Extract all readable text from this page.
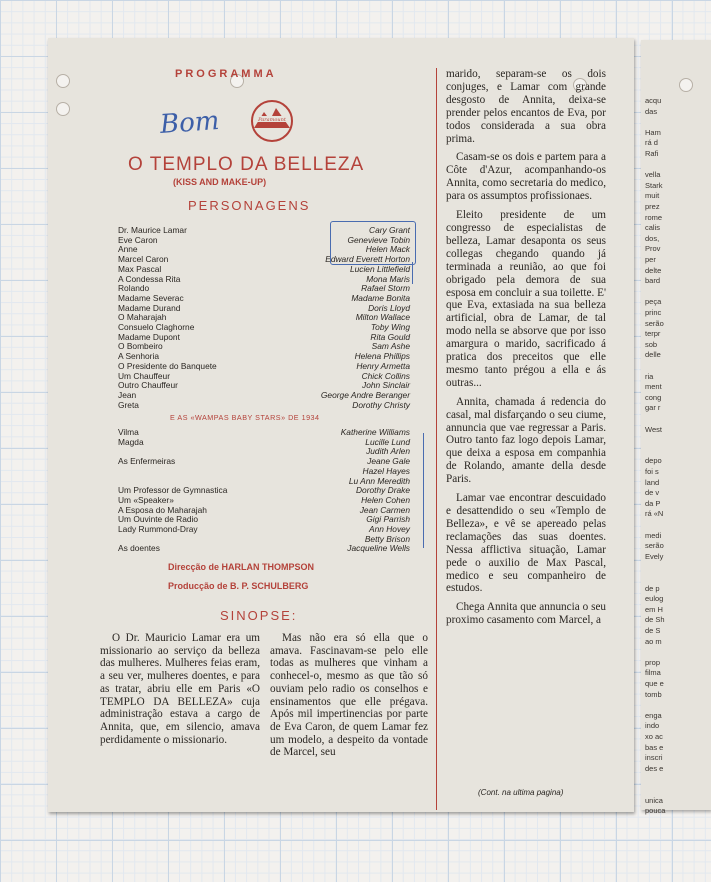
PROGRAMMA
Bom	Paramount
O TEMPLO DA BELLEZA
(KISS AND MAKE-UP)
PERSONAGENS
Dr. Maurice Lamar	Cary Grant
Eve Caron	Genevieve Tobin
Anne	Helen Mack
Marcel Caron	Edward Everett Horton
Max Pascal	Lucien Littlefield
A Condessa Rita	Mona Maris
Rolando	Rafael Storm
Madame Severac	Madame Bonita
Madame Durand	Doris Lloyd
O Maharajah	Milton Wallace
Consuelo Claghorne	Toby Wing
Madame Dupont	Rita Gould
O Bombeiro	Sam Ashe
A Senhoria	Helena Phillips
O Presidente do Banquete	Henry Armetta
Um Chauffeur	Chick Collins
Outro Chauffeur	John Sinclair
Jean	George Andre Beranger
Greta	Dorothy Christy
E AS «WAMPAS BABY STARS» DE 1934
Vilma	Katherine Williams
Magda	Lucille Lund
Judith Arlen
As Enfermeiras	Jeane Gale
Hazel Hayes
Lu Ann Meredith
Um Professor de Gymnastica	Dorothy Drake
Um «Speaker»	Helen Cohen
A Esposa do Maharajah	Jean Carmen
Um Ouvinte de Radio	Gigi Parrish
Lady Rummond-Dray	Ann Hovey
Betty Brison
As doentes	Jacqueline Wells
Direcção de HARLAN THOMPSON
Producção de B. P. SCHULBERG
SINOPSE:

O Dr. Mauricio Lamar era um missionario ao serviço da belleza das mulheres. Mulheres feias eram, a seu ver, mulheres doentes, e para as tratar, abriu elle em Paris «O TEMPLO DA BELLEZA» cuja administração estava a cargo de Annita, que, em silencio, amava perdidamente o missionario.

Mas não era só ella que o amava. Fascinavam-se pelo elle todas as mulheres que vinham a conhecel-o, mesmo as que tão só ouviam pelo radio os conselhos e ensinamentos que elle prégava. Após mil impertinencias por parte de Eva Caron, de quem Lamar fez um modelo, a despeito da vontade de Marcel, seu

marido, separam-se os dois conjuges, e Lamar com grande desgosto de Annita, deixa-se prender pelos encantos de Eva, por todos considerada a sua obra prima.

Casam-se os dois e partem para a Côte d'Azur, acompanhando-os Annita, como secretaria do medico, para os assumptos profissionaes.

Eleito presidente de um congresso de especialistas de belleza, Lamar desaponta os seus collegas chegando quando já terminada a reunião, ao que foi obrigado pela demora de sua esposa em concluir a sua toilette. E' que Eva, extasiada na sua belleza artificial, obra de Lamar, de tal modo nella se absorve que por isso amargura o marido, sacrificado á pratica dos preceitos que elle mesmo tanto prégou a ella e ás outras...

Annita, chamada á redencia do casal, mal disfarçando o seu ciume, annuncia que vae regressar a Paris. Outro tanto faz logo depois Lamar, que deixa a esposa em companhia de Rolando, amante della desde Paris.

Lamar vae encontrar descuidado e desattendido o seu «Templo de Belleza», e vê se apereado pelas reclamações das suas doentes. Nessa afflictiva situação, Lamar pede o auxilio de Max Pascal, medico e seu companheiro de estudos.

Chega Annita que annuncia o seu proximo casamento com Marcel, a

(Cont. na ultima pagina)
acqu
das
Ham
rá d
Rafi
vella
Stark
muit
prez
rome
calis
dos,
Prov
per
delte
bard
peça
princ
serão
terpr
sob
delle
ria
ment
cong
gar r
West
depo
foi s
land
de v
da P
rá «N
medi
serão
Evely
de p
eulog
em H
de Sh
de S
ao m
prop
filma
que e
tomb
enga
indo
xo ac
bas e
inscri
des e
unica
pouca
